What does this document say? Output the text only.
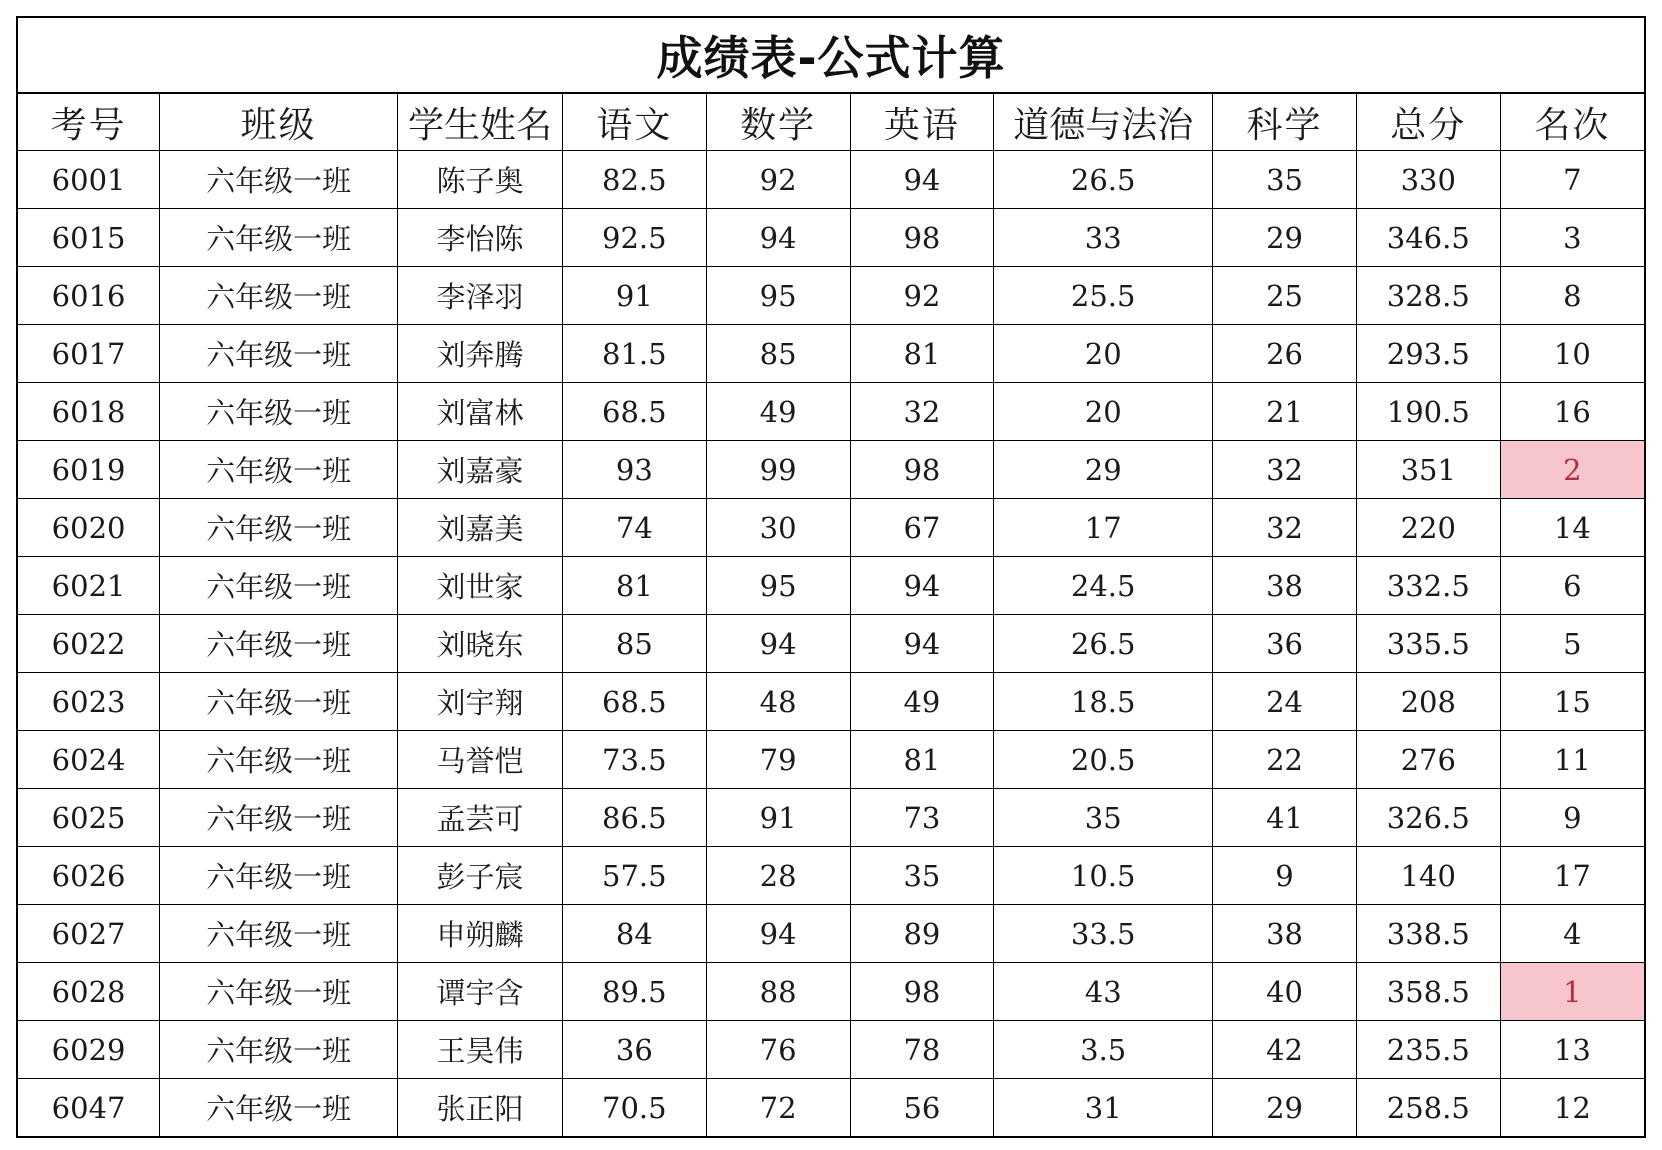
成绩表-公式计算
考号	班级	学生姓名	语文	数学	英语	道德与法治	科学	总分	名次
6001	六年级一班	陈子奥	82.5	92	94	26.5	35	330	7
6015	六年级一班	李怡陈	92.5	94	98	33	29	346.5	3
6016	六年级一班	李泽羽	91	95	92	25.5	25	328.5	8
6017	六年级一班	刘奔腾	81.5	85	81	20	26	293.5	10
6018	六年级一班	刘富林	68.5	49	32	20	21	190.5	16
6019	六年级一班	刘嘉豪	93	99	98	29	32	351	2
6020	六年级一班	刘嘉美	74	30	67	17	32	220	14
6021	六年级一班	刘世家	81	95	94	24.5	38	332.5	6
6022	六年级一班	刘晓东	85	94	94	26.5	36	335.5	5
6023	六年级一班	刘宇翔	68.5	48	49	18.5	24	208	15
6024	六年级一班	马誉恺	73.5	79	81	20.5	22	276	11
6025	六年级一班	孟芸可	86.5	91	73	35	41	326.5	9
6026	六年级一班	彭子宸	57.5	28	35	10.5	9	140	17
6027	六年级一班	申朔麟	84	94	89	33.5	38	338.5	4
6028	六年级一班	谭宇含	89.5	88	98	43	40	358.5	1
6029	六年级一班	王昊伟	36	76	78	3.5	42	235.5	13
6047	六年级一班	张正阳	70.5	72	56	31	29	258.5	12
